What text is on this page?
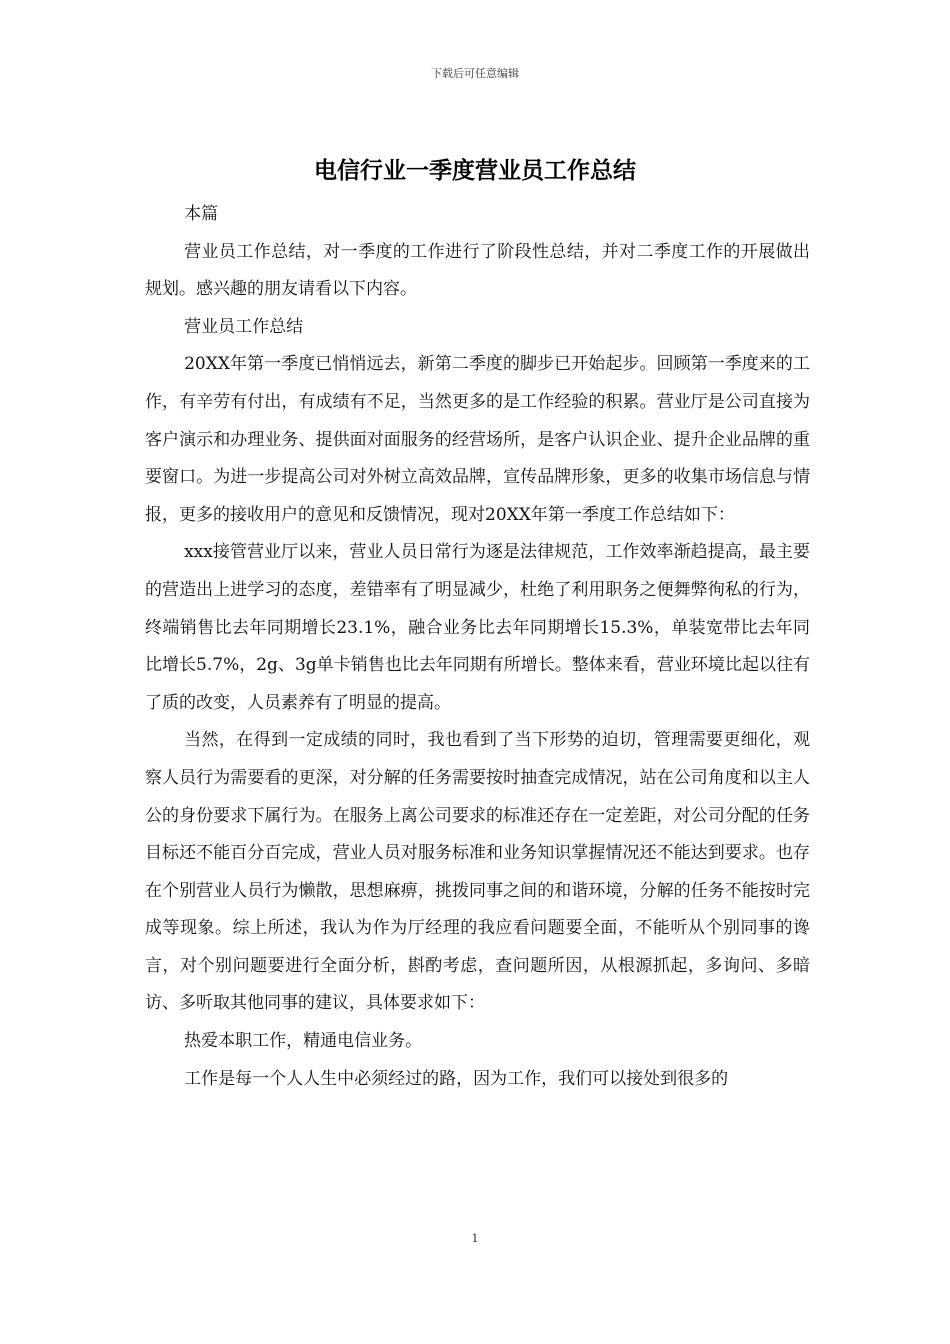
下载后可任意编辑
电信行业一季度营业员工作总结

本篇

营业员工作总结，对一季度的工作进行了阶段性总结，并对二季度工作的开展做出规划。感兴趣的朋友请看以下内容。

营业员工作总结

20XX年第一季度已悄悄远去，新第二季度的脚步已开始起步。回顾第一季度来的工作，有辛劳有付出，有成绩有不足，当然更多的是工作经验的积累。营业厅是公司直接为客户演示和办理业务、提供面对面服务的经营场所，是客户认识企业、提升企业品牌的重要窗口。为进一步提高公司对外树立高效品牌，宣传品牌形象，更多的收集市场信息与情报，更多的接收用户的意见和反馈情况，现对20XX年第一季度工作总结如下：

xxx接管营业厅以来，营业人员日常行为逐是法律规范，工作效率渐趋提高，最主要的营造出上进学习的态度，差错率有了明显减少，杜绝了利用职务之便舞弊徇私的行为，终端销售比去年同期增长23.1%，融合业务比去年同期增长15.3%，单装宽带比去年同比增长5.7%，2g、3g单卡销售也比去年同期有所增长。整体来看，营业环境比起以往有了质的改变，人员素养有了明显的提高。

当然，在得到一定成绩的同时，我也看到了当下形势的迫切，管理需要更细化，观察人员行为需要看的更深，对分解的任务需要按时抽查完成情况，站在公司角度和以主人公的身份要求下属行为。在服务上离公司要求的标准还存在一定差距，对公司分配的任务目标还不能百分百完成，营业人员对服务标准和业务知识掌握情况还不能达到要求。也存在个别营业人员行为懒散，思想麻痹，挑拨同事之间的和谐环境，分解的任务不能按时完成等现象。综上所述，我认为作为厅经理的我应看问题要全面，不能听从个别同事的谗言，对个别问题要进行全面分析，斟酌考虑，查问题所因，从根源抓起，多询问、多暗访、多听取其他同事的建议，具体要求如下：

热爱本职工作，精通电信业务。

工作是每一个人人生中必须经过的路，因为工作，我们可以接处到很多的

1
